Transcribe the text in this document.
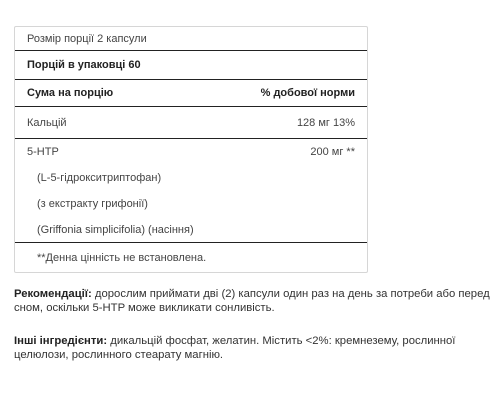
Розмір порції 2 капсули
Порцій в упаковці 60
Сума на порцію	% добової норми
Кальцій	128 мг 13%
5-HTP	200 мг **
(L-5-гідрокситриптофан)
(з екстракту грифонії)
(Griffonia simplicifolia) (насіння)
**Денна цінність не встановлена.
Рекомендації: дорослим приймати дві (2) капсули один раз на день за потреби або перед сном, оскільки 5-HTP може викликати сонливість.
Інші інгредієнти: дикальцій фосфат, желатин. Містить <2%: кремнезему, рослинної целюлози, рослинного стеарату магнію.
